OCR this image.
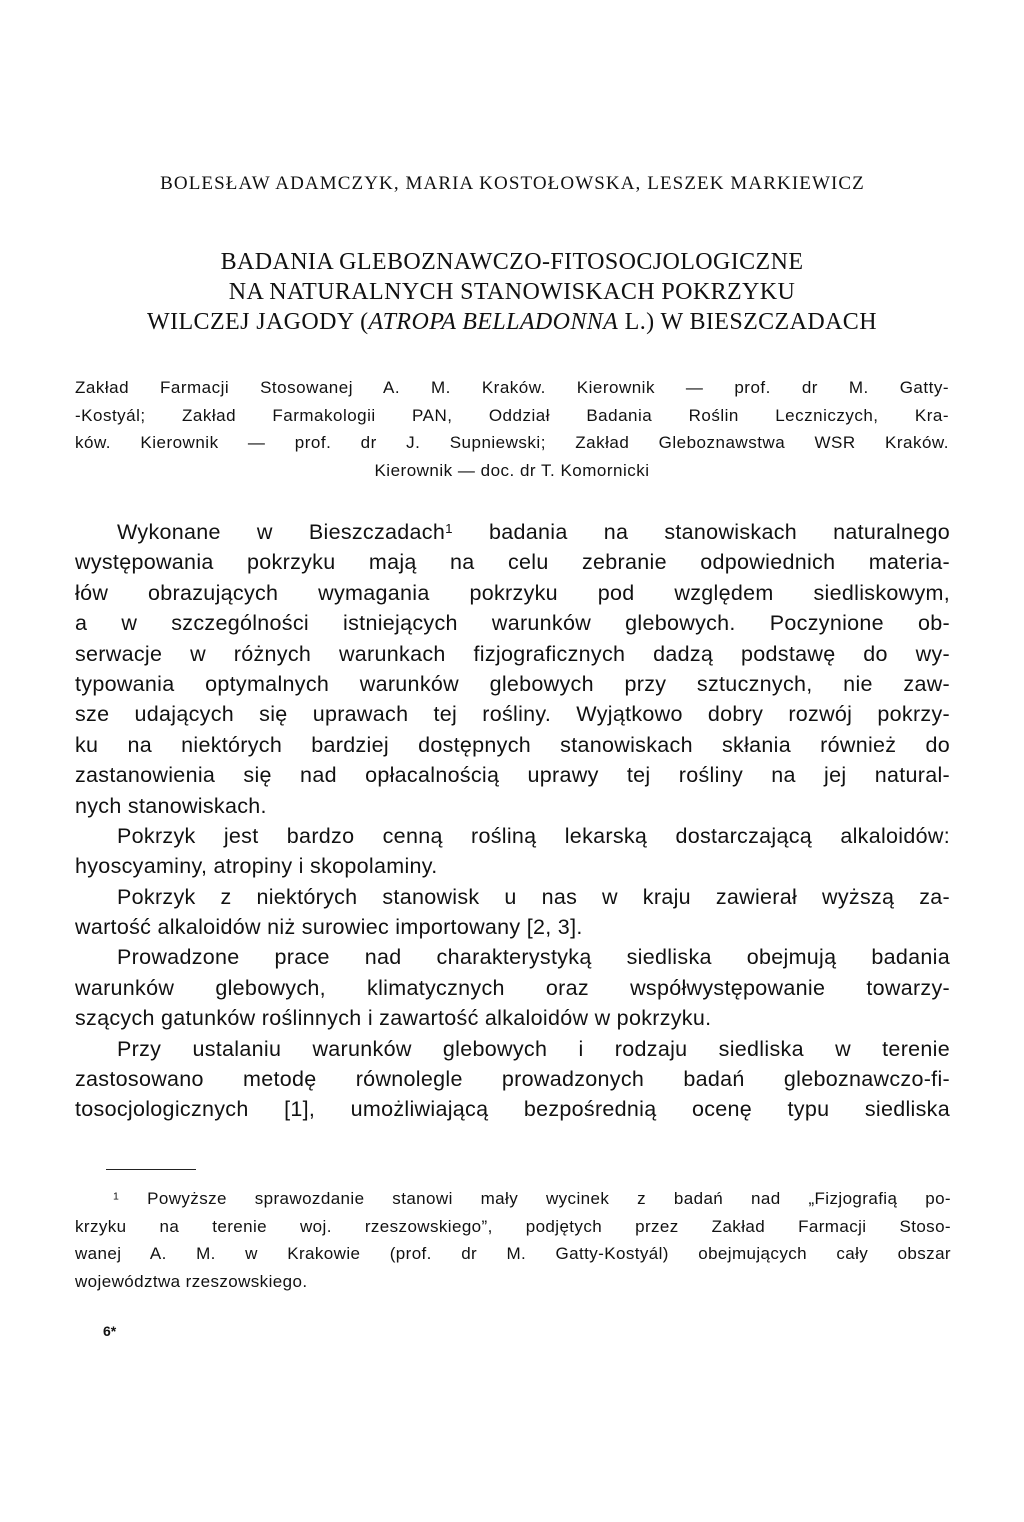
BOLESŁAW ADAMCZYK, MARIA KOSTOŁOWSKA, LESZEK MARKIEWICZ
BADANIA GLEBOZNAWCZO-FITOSOCJOLOGICZNE
NA NATURALNYCH STANOWISKACH POKRZYKU
WILCZEJ JAGODY (ATROPA BELLADONNA L.) W BIESZCZADACH
Zakład Farmacji Stosowanej A. M. Kraków. Kierownik — prof. dr M. Gatty-
-Kostyál; Zakład Farmakologii PAN, Oddział Badania Roślin Leczniczych, Kra-
ków. Kierownik — prof. dr J. Supniewski; Zakład Gleboznawstwa WSR Kraków.
Kierownik — doc. dr T. Komornicki
Wykonane w Bieszczadach$^1$ badania na stanowiskach naturalnego
występowania pokrzyku mają na celu zebranie odpowiednich materia-
łów obrazujących wymagania pokrzyku pod względem siedliskowym,
a w szczególności istniejących warunków glebowych. Poczynione ob-
serwacje w różnych warunkach fizjograficznych dadzą podstawę do wy-
typowania optymalnych warunków glebowych przy sztucznych, nie zaw-
sze udających się uprawach tej rośliny. Wyjątkowo dobry rozwój pokrzy-
ku na niektórych bardziej dostępnych stanowiskach skłania również do
zastanowienia się nad opłacalnością uprawy tej rośliny na jej natural-
nych stanowiskach.
Pokrzyk jest bardzo cenną rośliną lekarską dostarczającą alkaloidów:
hyoscyaminy, atropiny i skopolaminy.
Pokrzyk z niektórych stanowisk u nas w kraju zawierał wyższą za-
wartość alkaloidów niż surowiec importowany [2, 3].
Prowadzone prace nad charakterystyką siedliska obejmują badania
warunków glebowych, klimatycznych oraz współwystępowanie towarzy-
szących gatunków roślinnych i zawartość alkaloidów w pokrzyku.
Przy ustalaniu warunków glebowych i rodzaju siedliska w terenie
zastosowano metodę równolegle prowadzonych badań gleboznawczo-fi-
tosocjologicznych [1], umożliwiającą bezpośrednią ocenę typu siedliska
$^1$ Powyższe sprawozdanie stanowi mały wycinek z badań nad „Fizjografią po-
krzyku na terenie woj. rzeszowskiego”, podjętych przez Zakład Farmacji Stoso-
wanej A. M. w Krakowie (prof. dr M. Gatty-Kostyál) obejmujących cały obszar
województwa rzeszowskiego.
6*
